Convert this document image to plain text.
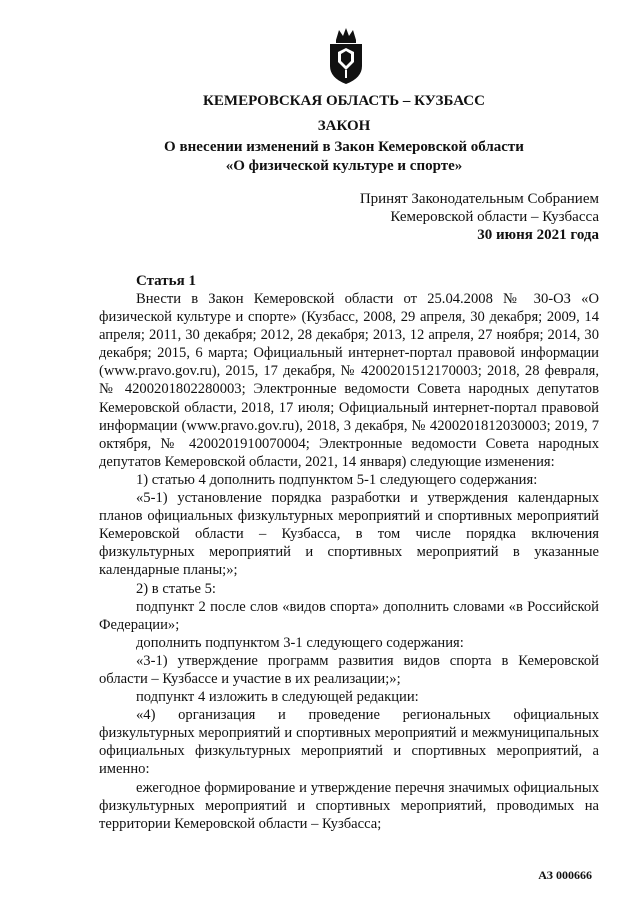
КЕМЕРОВСКАЯ ОБЛАСТЬ – КУЗБАСС
ЗАКОН
О внесении изменений в Закон Кемеровской области
«О физической культуре и спорте»
Принят Законодательным Собранием
Кемеровской области – Кузбасса
30 июня 2021 года
Статья 1

Внести в Закон Кемеровской области от 25.04.2008 № 30-ОЗ «О физической культуре и спорте» (Кузбасс, 2008, 29 апреля, 30 декабря; 2009, 14 апреля; 2011, 30 декабря; 2012, 28 декабря; 2013, 12 апреля, 27 ноября; 2014, 30 декабря; 2015, 6 марта; Официальный интернет-портал правовой информации (www.pravo.gov.ru), 2015, 17 декабря, № 4200201512170003; 2018, 28 февраля, № 4200201802280003; Электронные ведомости Совета народных депутатов Кемеровской области, 2018, 17 июля; Официальный интернет-портал правовой информации (www.pravo.gov.ru), 2018, 3 декабря, № 4200201812030003; 2019, 7 октября, № 4200201910070004; Электронные ведомости Совета народных депутатов Кемеровской области, 2021, 14 января) следующие изменения:

1) статью 4 дополнить подпунктом 5-1 следующего содержания:

«5-1) установление порядка разработки и утверждения календарных планов официальных физкультурных мероприятий и спортивных мероприятий Кемеровской области – Кузбасса, в том числе порядка включения физкультурных мероприятий и спортивных мероприятий в указанные календарные планы;»;

2) в статье 5:

подпункт 2 после слов «видов спорта» дополнить словами «в Российской Федерации»;

дополнить подпунктом 3-1 следующего содержания:

«3-1) утверждение программ развития видов спорта в Кемеровской области – Кузбассе и участие в их реализации;»;

подпункт 4 изложить в следующей редакции:

«4) организация и проведение региональных официальных физкультурных мероприятий и спортивных мероприятий и межмуниципальных официальных физкультурных мероприятий и спортивных мероприятий, а именно:

ежегодное формирование и утверждение перечня значимых официальных физкультурных мероприятий и спортивных мероприятий, проводимых на территории Кемеровской области – Кузбасса;

АЗ 000666
